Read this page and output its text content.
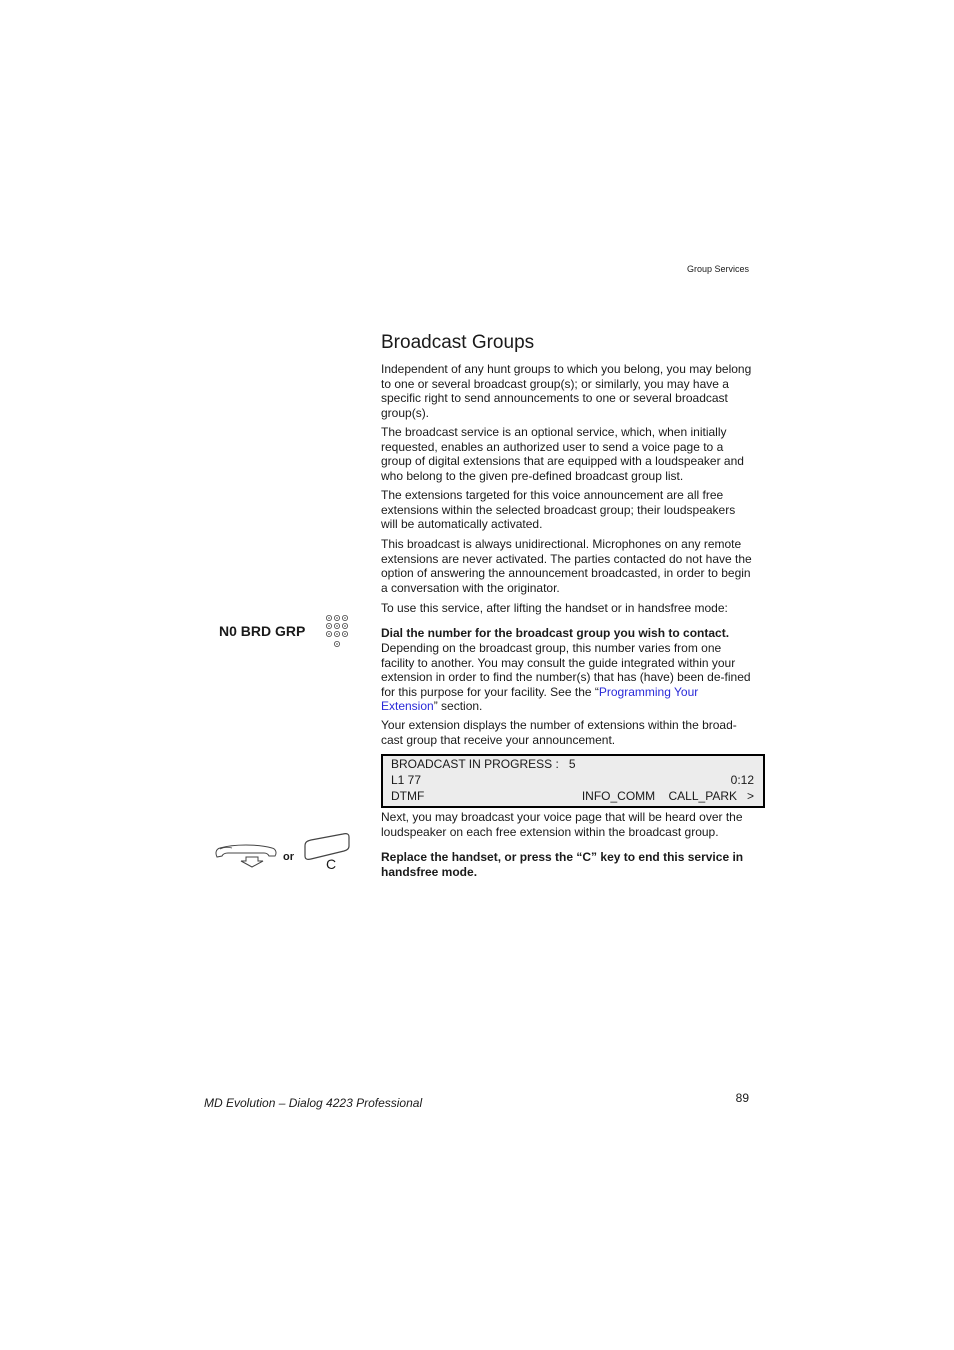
Group Services
Broadcast Groups

Independent of any hunt groups to which you belong, you may belong to one or several broadcast group(s); or similarly, you may have a specific right to send announcements to one or several broadcast group(s).

The broadcast service is an optional service, which, when initially requested, enables an authorized user to send a voice page to a group of digital extensions that are equipped with a loudspeaker and who belong to the given pre-defined broadcast group list.

The extensions targeted for this voice announcement are all free extensions within the selected broadcast group; their loudspeakers will be automatically activated.

This broadcast is always unidirectional. Microphones on any remote extensions are never activated. The parties contacted do not have the option of answering the announcement broadcasted, in order to begin a conversation with the originator.

To use this service, after lifting the handset or in handsfree mode:

N0 BRD GRP	Dial the number for the broadcast group you wish to contact.

Depending on the broadcast group, this number varies from one facility to another. You may consult the guide integrated within your extension in order to find the number(s) that has (have) been de-fined for this purpose for your facility. See the “Programming Your Extension” section.

Your extension displays the number of extensions within the broad-cast group that receive your announcement.

BROADCAST IN PROGRESS :   5
L1 77	0:12
DTMF	INFO_COMM    CALL_PARK   >

Next, you may broadcast your voice page that will be heard over the loudspeaker on each free extension within the broadcast group.

or C	Replace the handset, or press the “C” key to end this service in handsfree mode.

MD Evolution – Dialog 4223 Professional	89
